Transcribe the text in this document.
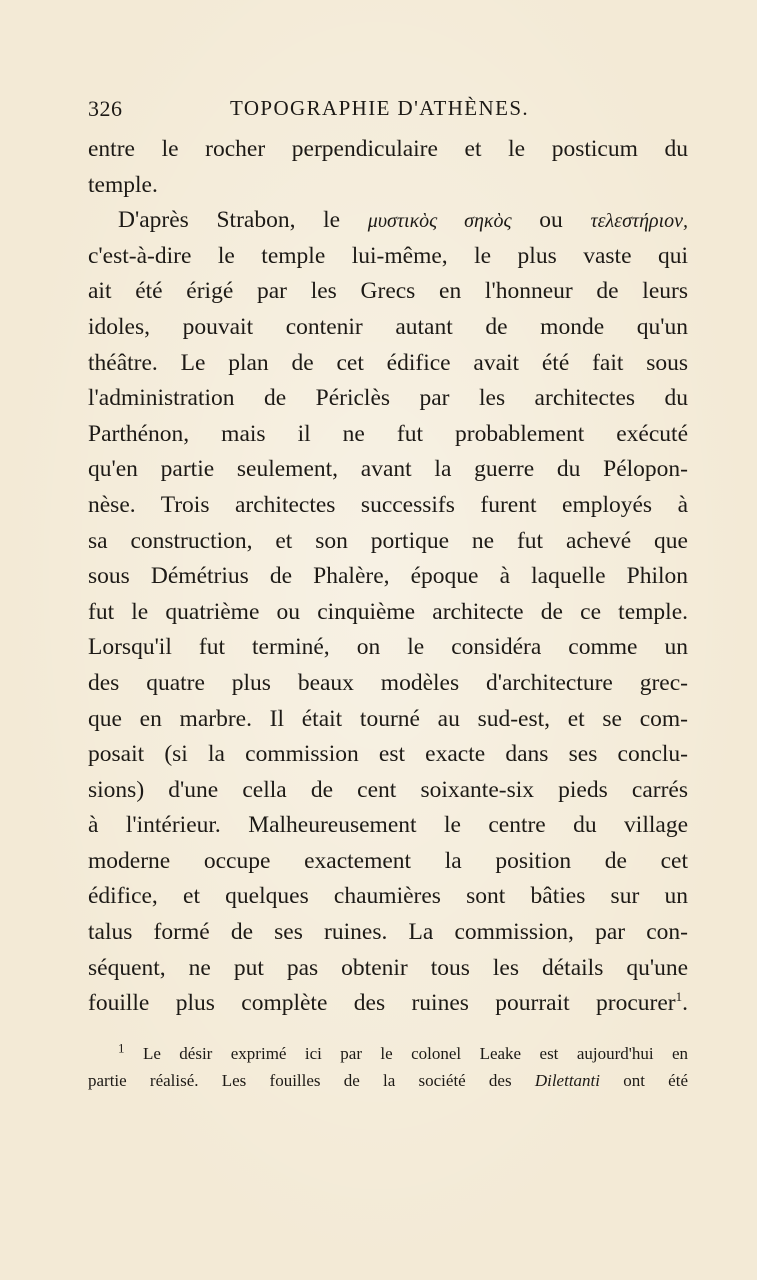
326	TOPOGRAPHIE D'ATHÈNES.
entre le rocher perpendiculaire et le posticum du
temple.
D'après Strabon, le μυστικὸς σηκὸς ou τελεστήριον,
c'est-à-dire le temple lui-même, le plus vaste qui
ait été érigé par les Grecs en l'honneur de leurs
idoles, pouvait contenir autant de monde qu'un
théâtre. Le plan de cet édifice avait été fait sous
l'administration de Périclès par les architectes du
Parthénon, mais il ne fut probablement exécuté
qu'en partie seulement, avant la guerre du Pélopon-
nèse. Trois architectes successifs furent employés à
sa construction, et son portique ne fut achevé que
sous Démétrius de Phalère, époque à laquelle Philon
fut le quatrième ou cinquième architecte de ce temple.
Lorsqu'il fut terminé, on le considéra comme un
des quatre plus beaux modèles d'architecture grec-
que en marbre. Il était tourné au sud-est, et se com-
posait (si la commission est exacte dans ses conclu-
sions) d'une cella de cent soixante-six pieds carrés
à l'intérieur. Malheureusement le centre du village
moderne occupe exactement la position de cet
édifice, et quelques chaumières sont bâties sur un
talus formé de ses ruines. La commission, par con-
séquent, ne put pas obtenir tous les détails qu'une
fouille plus complète des ruines pourrait procurer$^1$.
$^1$ Le désir exprimé ici par le colonel Leake est aujourd'hui en
partie réalisé. Les fouilles de la société des Dilettanti ont été
